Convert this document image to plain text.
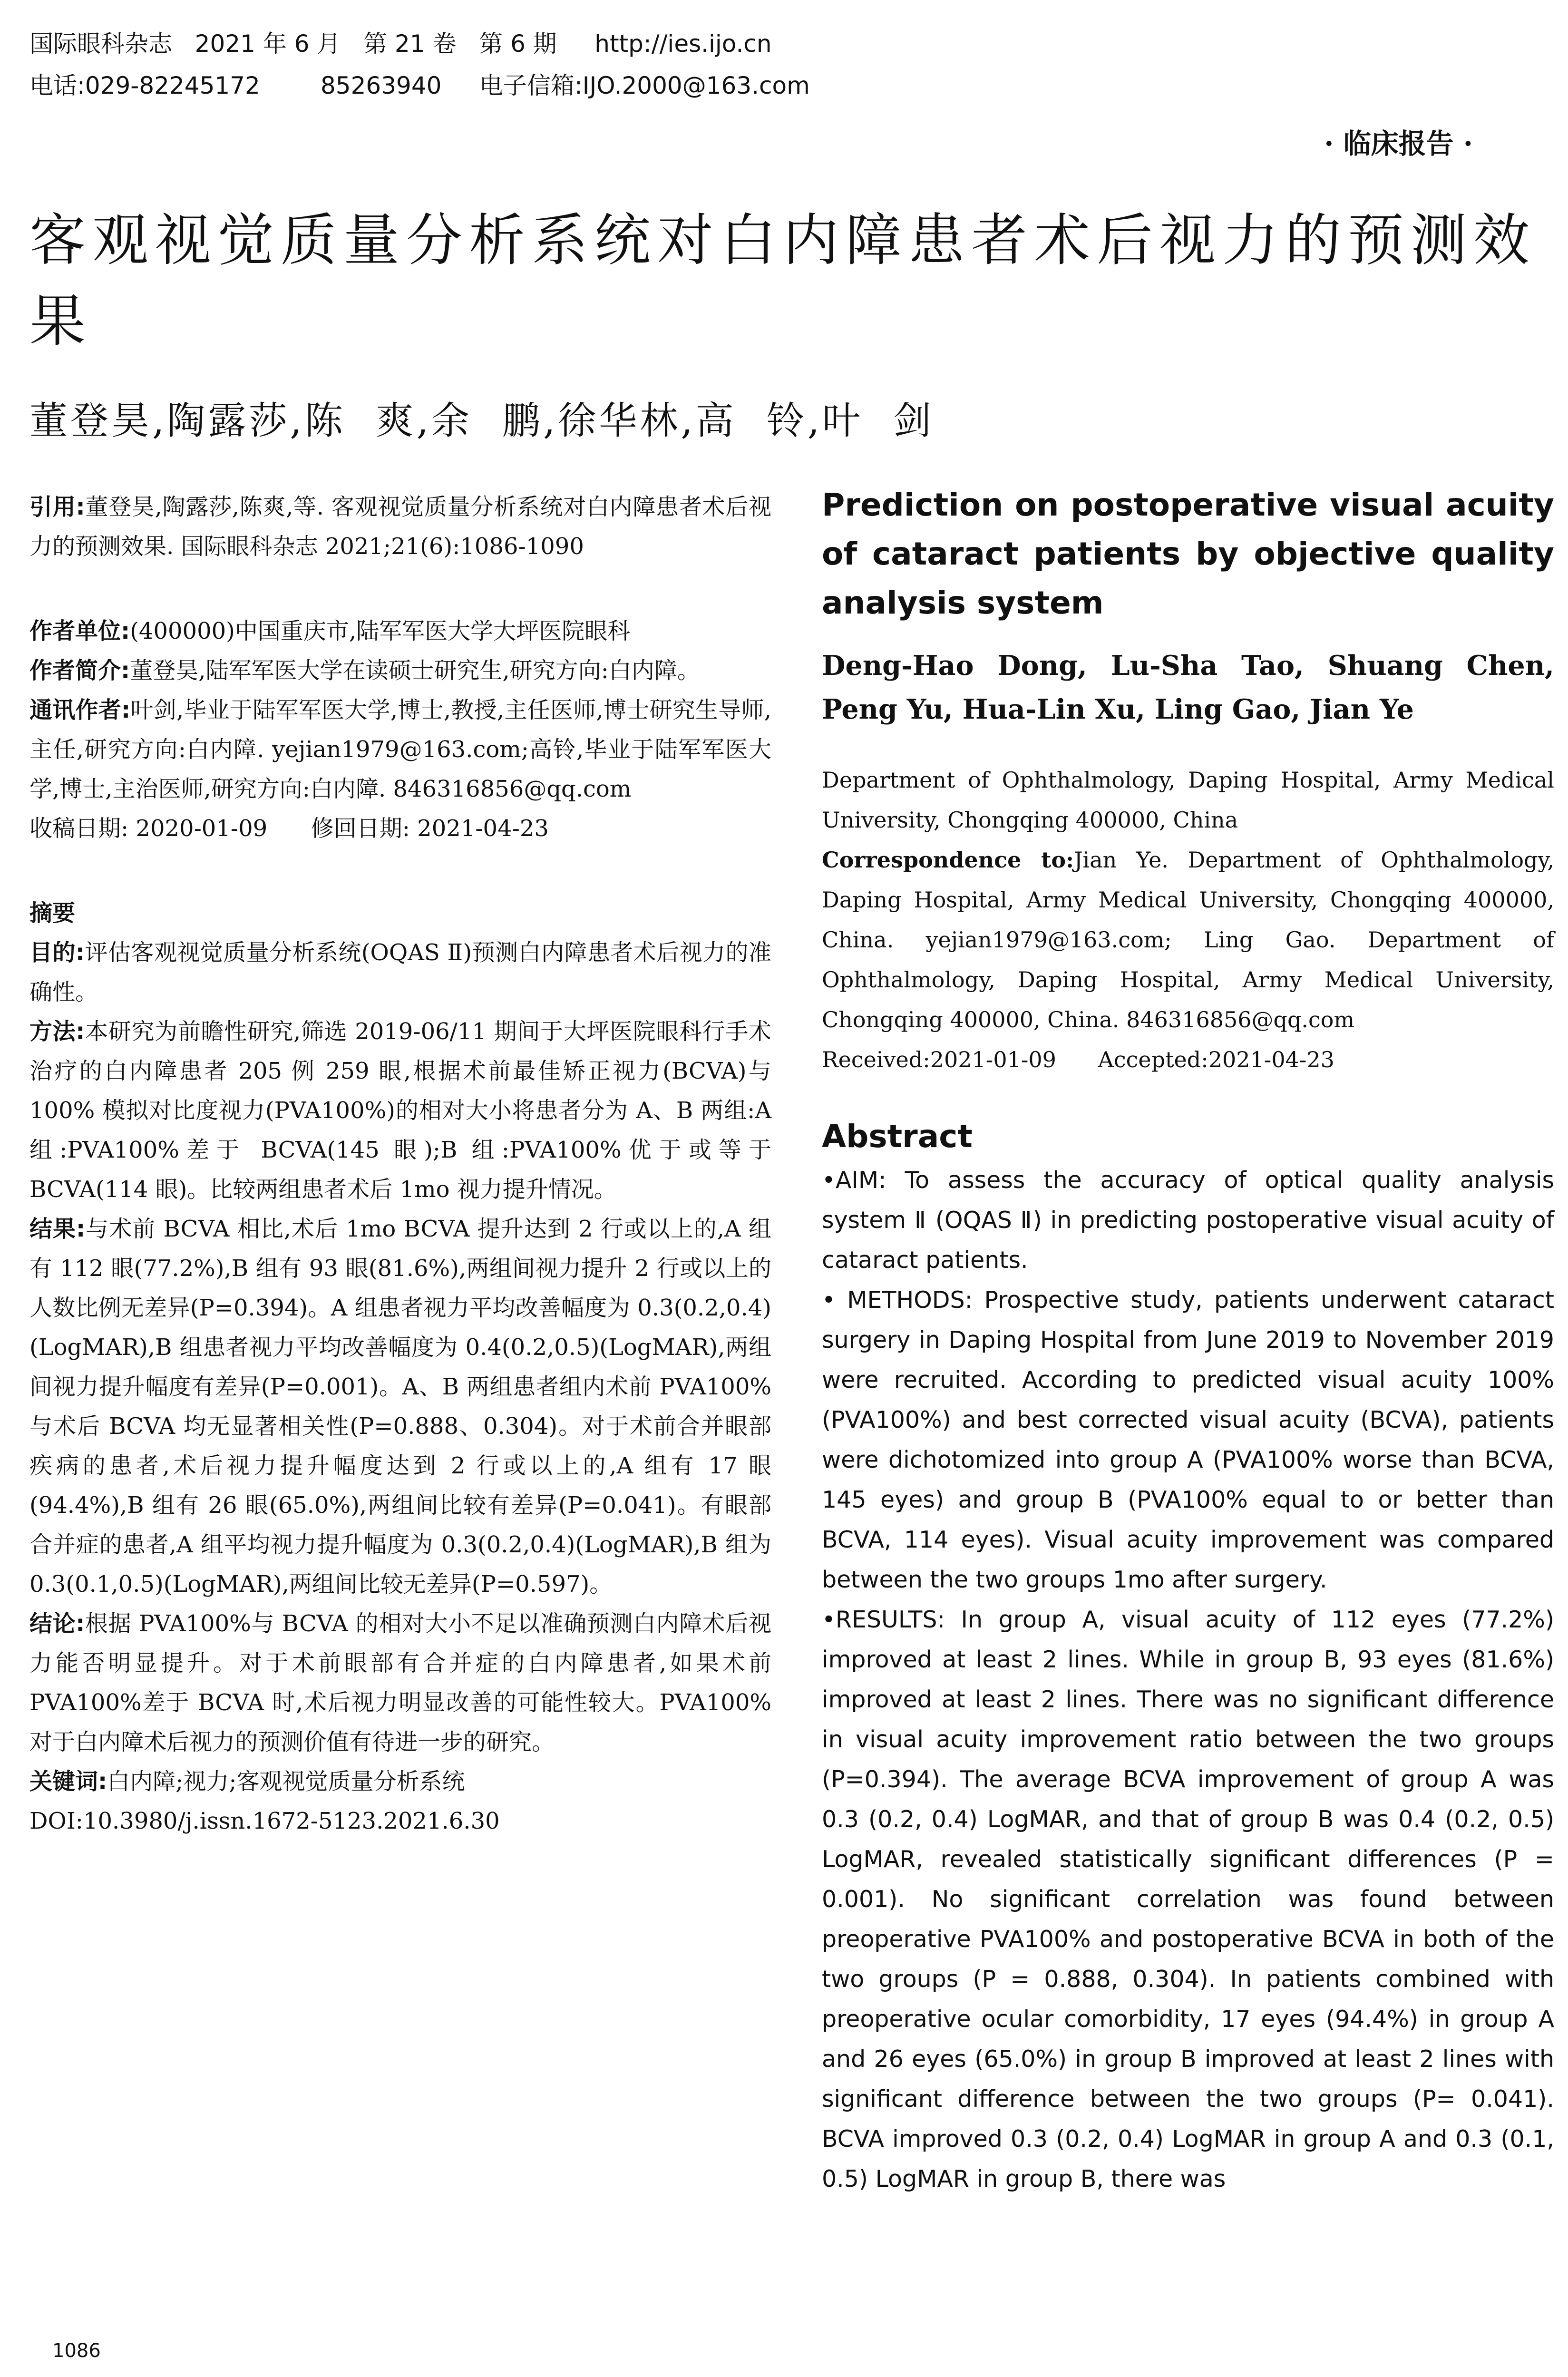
国际眼科杂志   2021 年 6 月   第 21 卷   第 6 期     http://ies.ijo.cn
电话:029-82245172        85263940     电子信箱:IJO.2000@163.com
· 临床报告 ·
客观视觉质量分析系统对白内障患者术后视力的预测效果
董登昊,陶露莎,陈  爽,余  鹏,徐华林,高  铃,叶  剑

引用:董登昊,陶露莎,陈爽,等. 客观视觉质量分析系统对白内障患者术后视力的预测效果. 国际眼科杂志 2021;21(6):1086-1090

作者单位:(400000)中国重庆市,陆军军医大学大坪医院眼科

作者简介:董登昊,陆军军医大学在读硕士研究生,研究方向:白内障。

通讯作者:叶剑,毕业于陆军军医大学,博士,教授,主任医师,博士研究生导师,主任,研究方向:白内障. yejian1979@163.com;高铃,毕业于陆军军医大学,博士,主治医师,研究方向:白内障. 846316856@qq.com

收稿日期: 2020-01-09      修回日期: 2021-04-23

摘要

目的:评估客观视觉质量分析系统(OQAS Ⅱ)预测白内障患者术后视力的准确性。

方法:本研究为前瞻性研究,筛选 2019-06/11 期间于大坪医院眼科行手术治疗的白内障患者 205 例 259 眼,根据术前最佳矫正视力(BCVA)与 100% 模拟对比度视力(PVA100%)的相对大小将患者分为 A、B 两组:A 组:PVA100%差于 BCVA(145 眼);B 组:PVA100%优于或等于 BCVA(114 眼)。比较两组患者术后 1mo 视力提升情况。

结果:与术前 BCVA 相比,术后 1mo BCVA 提升达到 2 行或以上的,A 组有 112 眼(77.2%),B 组有 93 眼(81.6%),两组间视力提升 2 行或以上的人数比例无差异(P=0.394)。A 组患者视力平均改善幅度为 0.3(0.2,0.4)(LogMAR),B 组患者视力平均改善幅度为 0.4(0.2,0.5)(LogMAR),两组间视力提升幅度有差异(P=0.001)。A、B 两组患者组内术前 PVA100%与术后 BCVA 均无显著相关性(P=0.888、0.304)。对于术前合并眼部疾病的患者,术后视力提升幅度达到 2 行或以上的,A 组有 17 眼(94.4%),B 组有 26 眼(65.0%),两组间比较有差异(P=0.041)。有眼部合并症的患者,A 组平均视力提升幅度为 0.3(0.2,0.4)(LogMAR),B 组为 0.3(0.1,0.5)(LogMAR),两组间比较无差异(P=0.597)。

结论:根据 PVA100%与 BCVA 的相对大小不足以准确预测白内障术后视力能否明显提升。对于术前眼部有合并症的白内障患者,如果术前 PVA100%差于 BCVA 时,术后视力明显改善的可能性较大。PVA100%对于白内障术后视力的预测价值有待进一步的研究。

关键词:白内障;视力;客观视觉质量分析系统

DOI:10.3980/j.issn.1672-5123.2021.6.30

Prediction on postoperative visual acuity of cataract patients by objective quality analysis system
Deng-Hao Dong, Lu-Sha Tao, Shuang Chen, Peng Yu, Hua-Lin Xu, Ling Gao, Jian Ye
Department of Ophthalmology, Daping Hospital, Army Medical University, Chongqing 400000, China
Correspondence to:Jian Ye. Department of Ophthalmology, Daping Hospital, Army Medical University, Chongqing 400000, China. yejian1979@163.com; Ling Gao. Department of Ophthalmology, Daping Hospital, Army Medical University, Chongqing 400000, China. 846316856@qq.com
Received:2021-01-09      Accepted:2021-04-23
Abstract

•AIM: To assess the accuracy of optical quality analysis system Ⅱ (OQAS Ⅱ) in predicting postoperative visual acuity of cataract patients.

• METHODS: Prospective study, patients underwent cataract surgery in Daping Hospital from June 2019 to November 2019 were recruited. According to predicted visual acuity 100% (PVA100%) and best corrected visual acuity (BCVA), patients were dichotomized into group A (PVA100% worse than BCVA, 145 eyes) and group B (PVA100% equal to or better than BCVA, 114 eyes). Visual acuity improvement was compared between the two groups 1mo after surgery.

•RESULTS: In group A, visual acuity of 112 eyes (77.2%) improved at least 2 lines. While in group B, 93 eyes (81.6%) improved at least 2 lines. There was no significant difference in visual acuity improvement ratio between the two groups (P=0.394). The average BCVA improvement of group A was 0.3 (0.2, 0.4) LogMAR, and that of group B was 0.4 (0.2, 0.5) LogMAR, revealed statistically significant differences (P = 0.001). No significant correlation was found between preoperative PVA100% and postoperative BCVA in both of the two groups (P = 0.888, 0.304). In patients combined with preoperative ocular comorbidity, 17 eyes (94.4%) in group A and 26 eyes (65.0%) in group B improved at least 2 lines with significant difference between the two groups (P= 0.041). BCVA improved 0.3 (0.2, 0.4) LogMAR in group A and 0.3 (0.1, 0.5) LogMAR in group B, there was

1086
